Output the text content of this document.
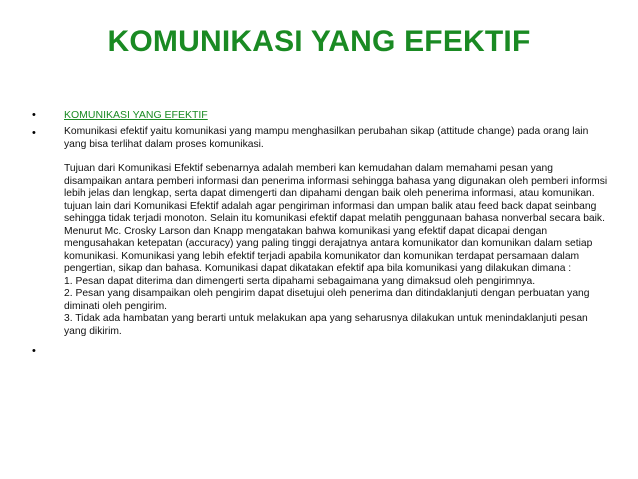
KOMUNIKASI YANG EFEKTIF
•	KOMUNIKASI YANG EFEKTIF
•	Komunikasi efektif yaitu komunikasi yang mampu menghasilkan perubahan sikap (attitude change) pada orang lain yang bisa terlihat dalam proses komunikasi.

Tujuan dari Komunikasi Efektif sebenarnya adalah memberi kan kemudahan dalam memahami pesan yang disampaikan antara pemberi informasi dan penerima informasi sehingga bahasa yang digunakan oleh pemberi informsi lebih jelas dan lengkap, serta dapat dimengerti dan dipahami dengan baik oleh penerima informasi, atau komunikan. tujuan lain dari Komunikasi Efektif adalah agar pengiriman informasi dan umpan balik atau feed back dapat seinbang sehingga tidak terjadi monoton. Selain itu komunikasi efektif dapat melatih penggunaan bahasa nonverbal secara baik. Menurut Mc. Crosky Larson dan Knapp mengatakan bahwa komunikasi yang efektif dapat dicapai dengan mengusahakan ketepatan (accuracy) yang paling tinggi derajatnya antara komunikator dan komunikan dalam setiap komunikasi. Komunikasi yang lebih efektif terjadi apabila komunikator dan komunikan terdapat persamaan dalam pengertian, sikap dan bahasa. Komunikasi dapat dikatakan efektif apa bila komunikasi yang dilakukan dimana :

1. Pesan dapat diterima dan dimengerti serta dipahami sebagaimana yang dimaksud oleh pengirimnya.

2. Pesan yang disampaikan oleh pengirim dapat disetujui oleh penerima dan ditindaklanjuti dengan perbuatan yang diminati oleh pengirim.

3. Tidak ada hambatan yang berarti untuk melakukan apa yang seharusnya dilakukan untuk menindaklanjuti pesan yang dikirim.

•
